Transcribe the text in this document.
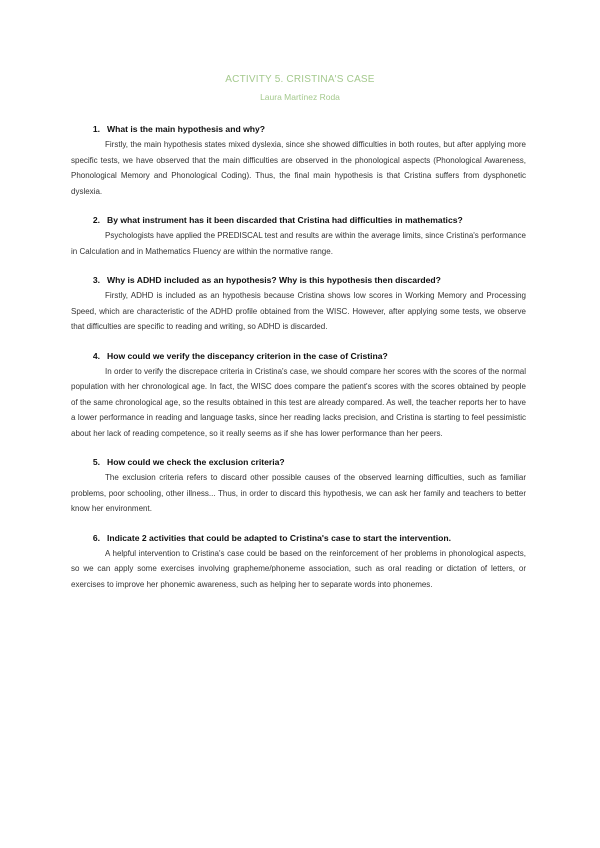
ACTIVITY 5. CRISTINA'S CASE
Laura Martínez Roda
1. What is the main hypothesis and why?

Firstly, the main hypothesis states mixed dyslexia, since she showed difficulties in both routes, but after applying more specific tests, we have observed that the main difficulties are observed in the phonological aspects (Phonological Awareness, Phonological Memory and Phonological Coding). Thus, the final main hypothesis is that Cristina suffers from dysphonetic dyslexia.

2. By what instrument has it been discarded that Cristina had difficulties in mathematics?

Psychologists have applied the PREDISCAL test and results are within the average limits, since Cristina's performance in Calculation and in Mathematics Fluency are within the normative range.

3. Why is ADHD included as an hypothesis? Why is this hypothesis then discarded?

Firstly, ADHD is included as an hypothesis because Cristina shows low scores in Working Memory and Processing Speed, which are characteristic of the ADHD profile obtained from the WISC. However, after applying some tests, we observe that difficulties are specific to reading and writing, so ADHD is discarded.

4. How could we verify the discepancy criterion in the case of Cristina?

In order to verify the discrepace criteria in Cristina's case, we should compare her scores with the scores of the normal population with her chronological age. In fact, the WISC does compare the patient's scores with the scores obtained by people of the same chronological age, so the results obtained in this test are already compared. As well, the teacher reports her to have a lower performance in reading and language tasks, since her reading lacks precision, and Cristina is starting to feel pessimistic about her lack of reading competence, so it really seems as if she has lower performance than her peers.

5. How could we check the exclusion criteria?

The exclusion criteria refers to discard other possible causes of the observed learning difficulties, such as familiar problems, poor schooling, other illness... Thus, in order to discard this hypothesis, we can ask her family and teachers to better know her environment.

6. Indicate 2 activities that could be adapted to Cristina's case to start the intervention.

A helpful intervention to Cristina's case could be based on the reinforcement of her problems in phonological aspects, so we can apply some exercises involving grapheme/phoneme association, such as oral reading or dictation of letters, or exercises to improve her phonemic awareness, such as helping her to separate words into phonemes.
